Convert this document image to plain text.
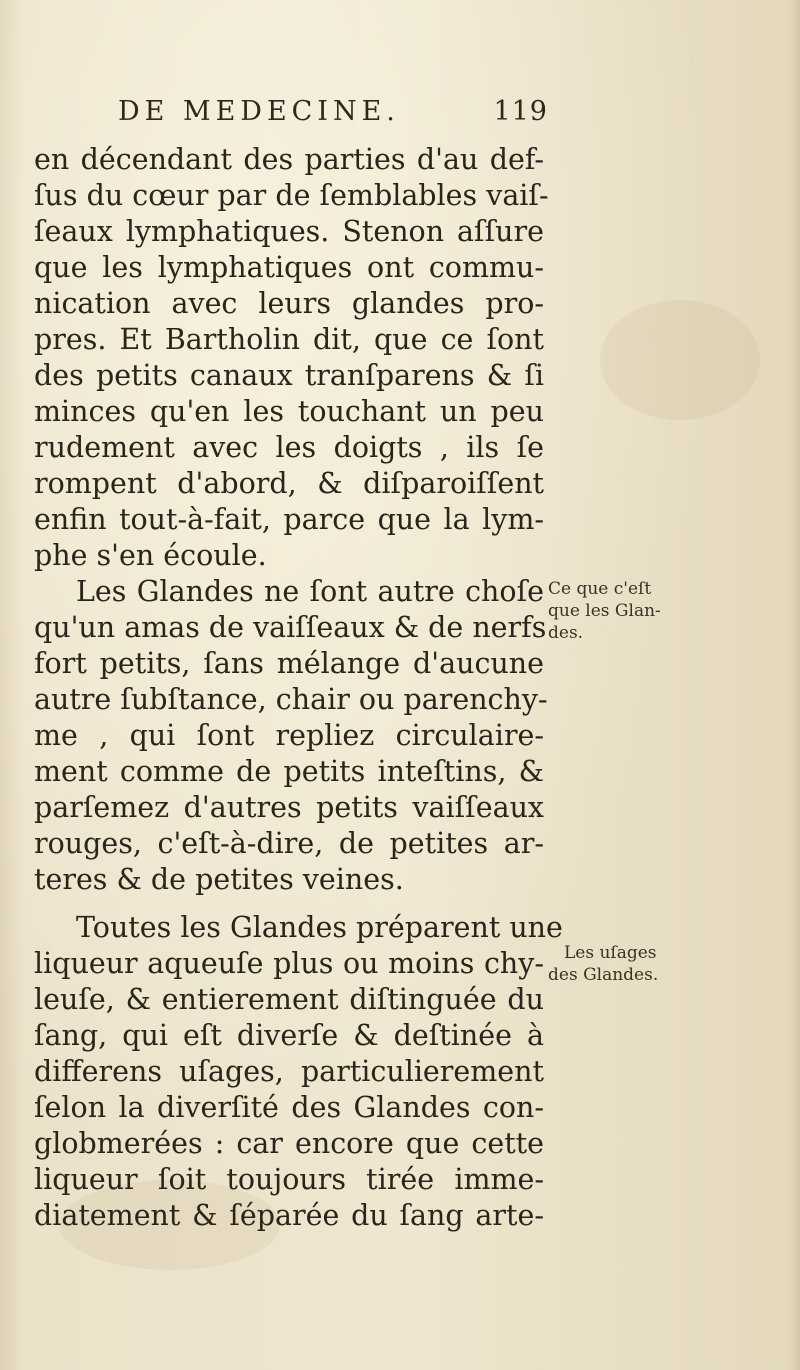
DE MEDECINE.	119
en décendant des parties d'au def-
ſus du cœur par de ſemblables vaiſ-
ſeaux lymphatiques. Stenon aſſure
que les lymphatiques ont commu-
nication avec leurs glandes pro-
pres. Et Bartholin dit, que ce ſont
des petits canaux tranſparens & ſi
minces qu'en les touchant un peu
rudement avec les doigts , ils ſe
rompent d'abord, & diſparoiſſent
enfin tout-à-fait, parce que la lym-
phe s'en écoule.
Les Glandes ne ſont autre choſe
qu'un amas de vaiſſeaux & de nerfs
fort petits, ſans mélange d'aucune
autre ſubſtance, chair ou parenchy-
me , qui ſont repliez circulaire-
ment comme de petits inteſtins, &
parſemez d'autres petits vaiſſeaux
rouges, c'eſt-à-dire, de petites ar-
teres & de petites veines.
Toutes les Glandes préparent une
liqueur aqueuſe plus ou moins chy-
leuſe, & entierement diſtinguée du
ſang, qui eſt diverſe & deſtinée à
differens uſages, particulierement
ſelon la diverſité des Glandes con-
globmerées : car encore que cette
liqueur ſoit toujours tirée imme-
diatement & ſéparée du ſang arte-
Ce que c'eſt
que les Glan-
des.
Les uſages
des Glandes.
